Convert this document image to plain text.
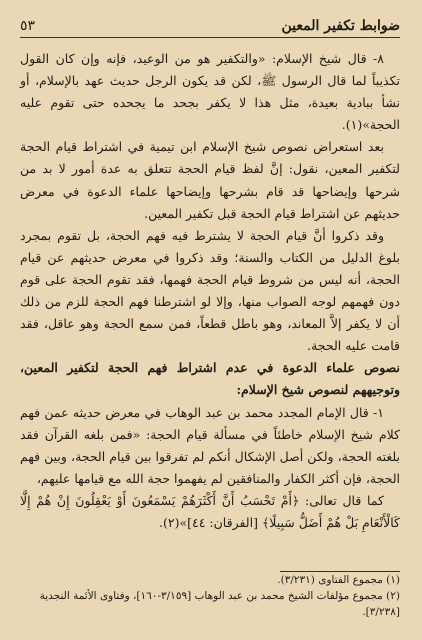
ضوابط تكفير المعين
٥٣

٨- قال شيخ الإسلام: «والتكفير هو من الوعيد، فإنه وإن كان القول تكذيباً لما قال الرسول ﷺ، لكن قد يكون الرجل حديث عهد بالإسلام، أو نشأ ببادية بعيدة، مثل هذا لا يكفر بجحد ما يجحده حتى تقوم عليه الحجة»(١).

بعد استعراض نصوص شيخ الإسلام ابن تيمية في اشتراط قيام الحجة لتكفير المعين، نقول: إنَّ لفظ قيام الحجة تتعلق به عدة أمور لا بد من شرحها وإيضاحها قد قام بشرحها وإيضاحها علماء الدعوة في معرض حديثهم عن اشتراط قيام الحجة قبل تكفير المعين.

وقد ذكروا أنَّ قيام الحجة لا يشترط فيه فهم الحجة، بل تقوم بمجرد بلوغ الدليل من الكتاب والسنة؛ وقد ذكروا في معرض حديثهم عن قيام الحجة، أنه ليس من شروط قيام الحجة فهمها، فقد تقوم الحجة على قوم دون فهمهم لوجه الصواب منها، وإلا لو اشترطنا فهم الحجة للزم من ذلك أن لا يكفر إلاَّ المعاند، وهو باطل قطعاً، فمن سمع الحجة وهو عاقل، فقد قامت عليه الحجة.

نصوص علماء الدعوة في عدم اشتراط فهم الحجة لتكفير المعين، وتوجيههم لنصوص شيخ الإسلام:

١- قال الإمام المجدد محمد بن عبد الوهاب في معرض حديثه عمن فهم كلام شيخ الإسلام خاطئاً في مسألة قيام الحجة: «فمن بلغه القرآن فقد بلغته الحجة، ولكن أصل الإشكال أنكم لم تفرقوا بين قيام الحجة، وبين فهم الحجة، فإن أكثر الكفار والمنافقين لم يفهموا حجة الله مع قيامها عليهم،

كما قال تعالى: ﴿أَمْ تَحْسَبُ أَنَّ أَكْثَرَهُمْ يَسْمَعُونَ أَوْ يَعْقِلُونَ إِنْ هُمْ إِلَّا كَالْأَنْعَامِ بَلْ هُمْ أَضَلُّ سَبِيلًا﴾ [الفرقان: ٤٤]»(٢).

(١) مجموع الفتاوى (٣/٢٣١).
(٢) مجموع مؤلفات الشيخ محمد بن عبد الوهاب [٣/١٥٩-١٦٠]، وفتاوى الأئمة النجدية [٣/٢٣٨].
